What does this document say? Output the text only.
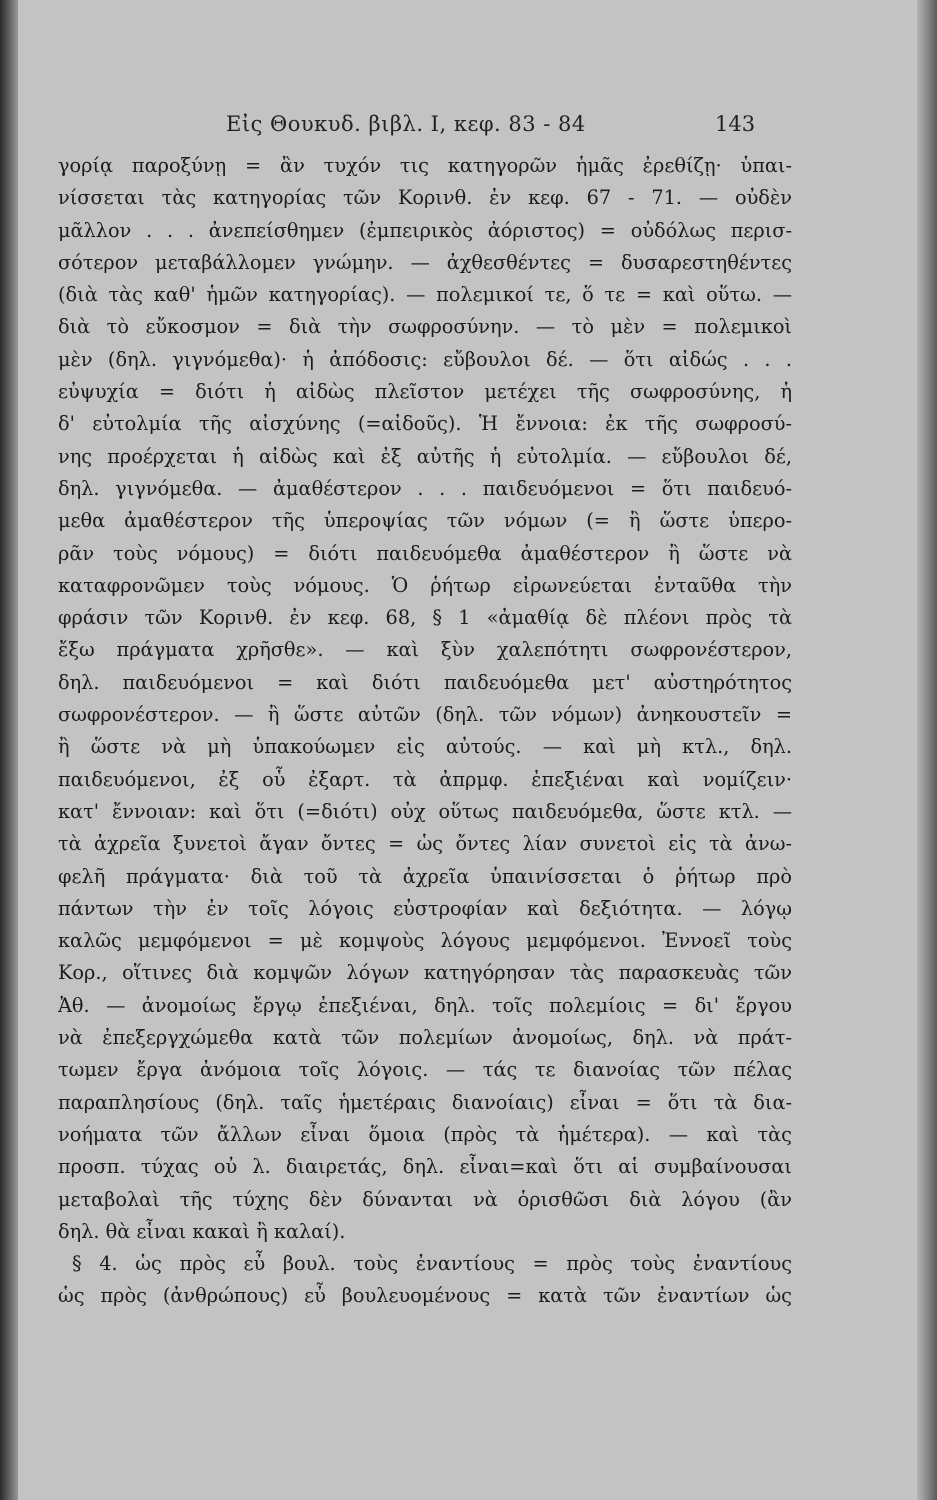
Εἰς Θουκυδ. βιβλ. Ι, κεφ. 83 - 84	143
γορίᾳ παροξύνῃ = ἂν τυχόν τις κατηγορῶν ἡμᾶς ἐρεθίζῃ· ὑπαι-
νίσσεται τὰς κατηγορίας τῶν Κορινθ. ἐν κεφ. 67 - 71. — οὐδὲν
μᾶλλον . . . ἀνεπείσθημεν (ἐμπειρικὸς ἀόριστος) = οὐδόλως περισ-
σότερον μεταβάλλομεν γνώμην. — ἀχθεσθέντες = δυσαρεστηθέντες
(διὰ τὰς καθ' ἡμῶν κατηγορίας). — πολεμικοί τε, ὅ τε = καὶ οὕτω. —
διὰ τὸ εὔκοσμον = διὰ τὴν σωφροσύνην. — τὸ μὲν = πολεμικοὶ
μὲν (δηλ. γιγνόμεθα)· ἡ ἀπόδοσις: εὔβουλοι δέ. — ὅτι αἰδώς . . .
εὐψυχία = διότι ἡ αἰδὼς πλεῖστον μετέχει τῆς σωφροσύνης, ἡ
δ' εὐτολμία τῆς αἰσχύνης (=αἰδοῦς). Ἡ ἔννοια: ἐκ τῆς σωφροσύ-
νης προέρχεται ἡ αἰδὼς καὶ ἐξ αὐτῆς ἡ εὐτολμία. — εὔβουλοι δέ,
δηλ. γιγνόμεθα. — ἀμαθέστερον . . . παιδευόμενοι = ὅτι παιδευό-
μεθα ἀμαθέστερον τῆς ὑπεροψίας τῶν νόμων (= ἢ ὥστε ὑπερο-
ρᾶν τοὺς νόμους) = διότι παιδευόμεθα ἀμαθέστερον ἢ ὥστε νὰ
καταφρονῶμεν τοὺς νόμους. Ὁ ῥήτωρ εἰρωνεύεται ἐνταῦθα τὴν
φράσιν τῶν Κορινθ. ἐν κεφ. 68, § 1 «ἀμαθίᾳ δὲ πλέονι πρὸς τὰ
ἔξω πράγματα χρῆσθε». — καὶ ξὺν χαλεπότητι σωφρονέστερον,
δηλ. παιδευόμενοι = καὶ διότι παιδευόμεθα μετ' αὐστηρότητος
σωφρονέστερον. — ἢ ὥστε αὐτῶν (δηλ. τῶν νόμων) ἀνηκουστεῖν =
ἢ ὥστε νὰ μὴ ὑπακούωμεν εἰς αὐτούς. — καὶ μὴ κτλ., δηλ.
παιδευόμενοι, ἐξ οὗ ἐξαρτ. τὰ ἀπρμφ. ἐπεξιέναι καὶ νομίζειν·
κατ' ἔννοιαν: καὶ ὅτι (=διότι) οὐχ οὕτως παιδευόμεθα, ὥστε κτλ. —
τὰ ἀχρεῖα ξυνετοὶ ἄγαν ὄντες = ὡς ὄντες λίαν συνετοὶ εἰς τὰ ἀνω-
φελῆ πράγματα· διὰ τοῦ τὰ ἀχρεῖα ὑπαινίσσεται ὁ ῥήτωρ πρὸ
πάντων τὴν ἐν τοῖς λόγοις εὐστροφίαν καὶ δεξιότητα. — λόγῳ
καλῶς μεμφόμενοι = μὲ κομψοὺς λόγους μεμφόμενοι. Ἐννοεῖ τοὺς
Κορ., οἵτινες διὰ κομψῶν λόγων κατηγόρησαν τὰς παρασκευὰς τῶν
Ἀθ. — ἀνομοίως ἔργῳ ἐπεξιέναι, δηλ. τοῖς πολεμίοις = δι' ἔργου
νὰ ἐπεξεργχώμεθα κατὰ τῶν πολεμίων ἀνομοίως, δηλ. νὰ πράτ-
τωμεν ἔργα ἀνόμοια τοῖς λόγοις. — τάς τε διανοίας τῶν πέλας
παραπλησίους (δηλ. ταῖς ἡμετέραις διανοίαις) εἶναι = ὅτι τὰ δια-
νοήματα τῶν ἄλλων εἶναι ὅμοια (πρὸς τὰ ἡμέτερα). — καὶ τὰς
προσπ. τύχας οὐ λ. διαιρετάς, δηλ. εἶναι=καὶ ὅτι αἱ συμβαίνουσαι
μεταβολαὶ τῆς τύχης δὲν δύνανται νὰ ὁρισθῶσι διὰ λόγου (ἂν
δηλ. θὰ εἶναι κακαὶ ἢ καλαί).
§ 4. ὡς πρὸς εὖ βουλ. τοὺς ἐναντίους = πρὸς τοὺς ἐναντίους
ὡς πρὸς (ἀνθρώπους) εὖ βουλευομένους = κατὰ τῶν ἐναντίων ὡς
